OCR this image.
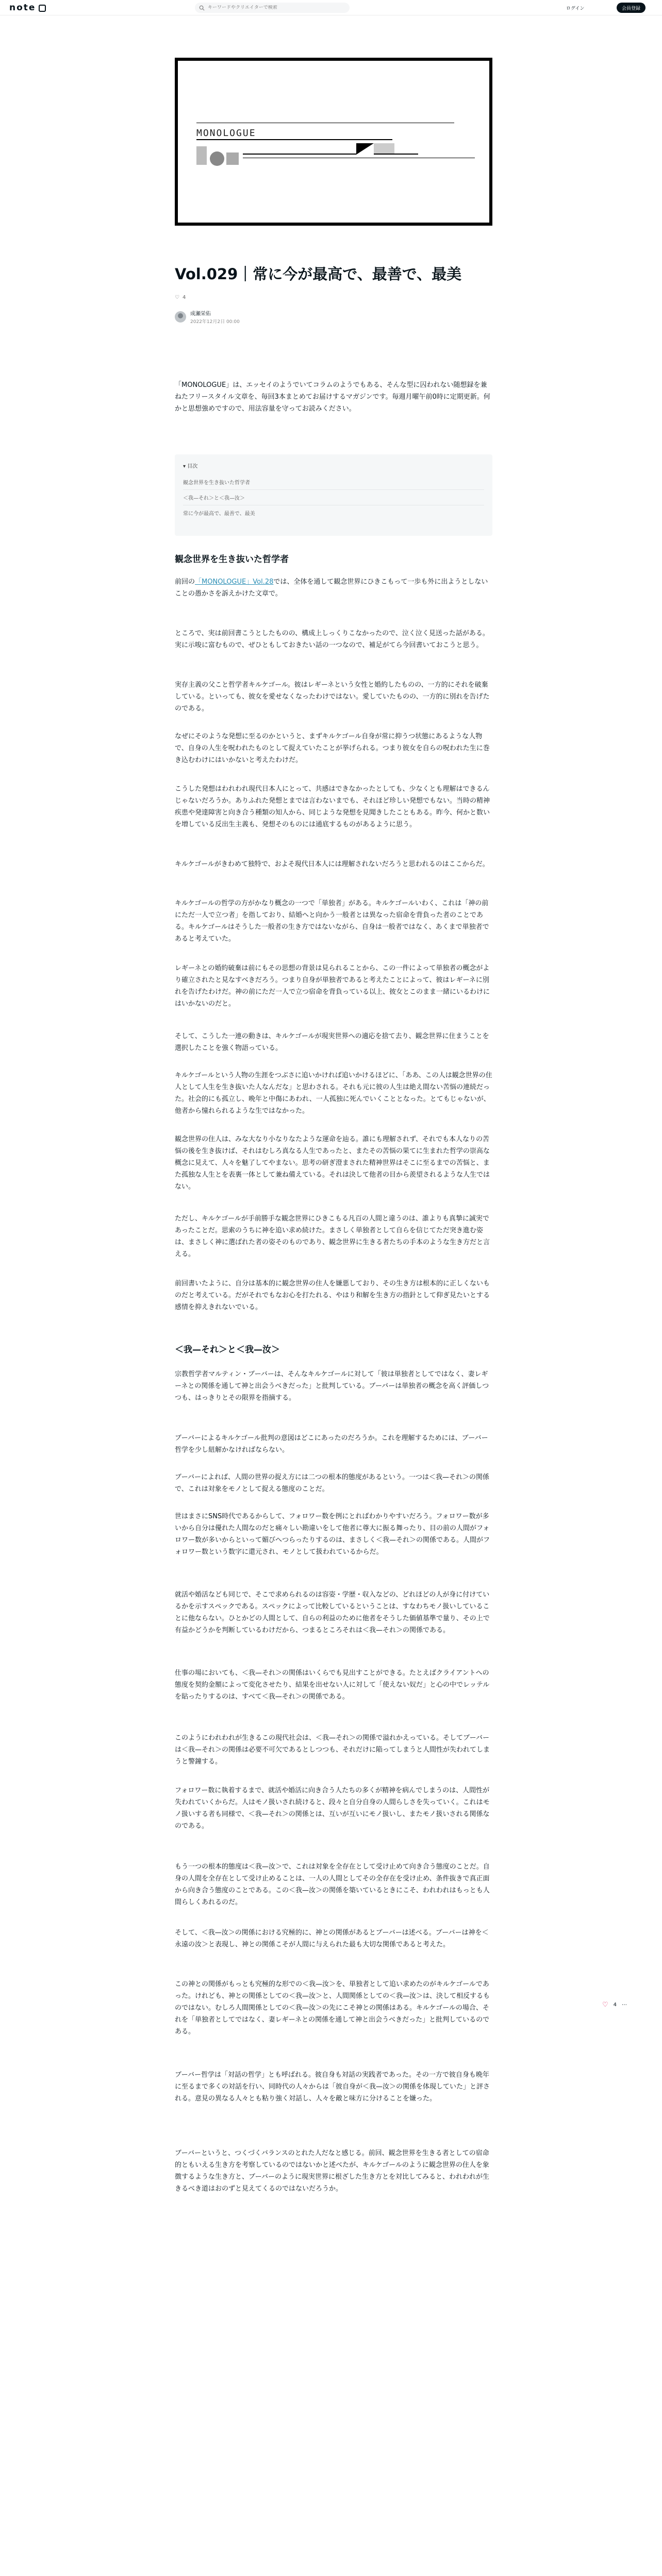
note
キーワードやクリエイターで検索	ログイン	会員登録
MONOLOGUE
Vol.029｜常に今が最高で、最善で、最美
♡ 4
成瀬栄佑
2022年12月2日 00:00

「MONOLOGUE」は、エッセイのようでいてコラムのようでもある、そんな型に囚われない随想録を兼ねたフリースタイル文章を、毎回3本まとめてお届けするマガジンです。毎週月曜午前0時に定期更新。何かと思想強めですので、用法容量を守ってお読みください。

▾ 目次
観念世界を生き抜いた哲学者
＜我—それ＞と＜我—汝＞
常に今が最高で、最善で、最美
観念世界を生き抜いた哲学者

前回の「MONOLOGUE」Vol.28では、全体を通して観念世界にひきこもって一歩も外に出ようとしないことの愚かさを訴えかけた文章で。

ところで、実は前回書こうとしたものの、構成上しっくりこなかったので、泣く泣く見送った話がある。実に示唆に富むもので、ぜひともしておきたい話の一つなので、補足がてら今回書いておこうと思う。

実存主義の父こと哲学者キルケゴール。彼はレギーネという女性と婚約したものの、一方的にそれを破棄している。といっても、彼女を愛せなくなったわけではない。愛していたものの、一方的に別れを告げたのである。

なぜにそのような発想に至るのかというと、まずキルケゴール自身が常に抑うつ状態にあるような人物で、自身の人生を呪われたものとして捉えていたことが挙げられる。つまり彼女を自らの呪われた生に巻き込むわけにはいかないと考えたわけだ。

こうした発想はわれわれ現代日本人にとって、共感はできなかったとしても、少なくとも理解はできるんじゃないだろうか。ありふれた発想とまでは言わないまでも、それほど珍しい発想でもない。当時の精神疾患や発達障害と向き合う種類の知人から、同じような発想を見聞きしたこともある。昨今、何かと数いを増している反出生主義も、発想そのものには通底するものがあるように思う。

キルケゴールがきわめて独特で、およそ現代日本人には理解されないだろうと思われるのはここからだ。

キルケゴールの哲学の方がかなり概念の一つで「単独者」がある。キルケゴールいわく、これは「神の前にただ一人で立つ者」を指しており、結婚へと向かう一般者とは異なった宿命を背負った者のことである。キルケゴールはそうした一般者の生き方ではないながら、自身は一般者ではなく、あくまで単独者であると考えていた。

レギーネとの婚約破棄は前にもその思想の背景は見られることから、この一件によって単独者の概念がより確立されたと見なすべきだろう。つまり自身が単独者であると考えたことによって、彼はレギーネに別れを告げたわけだ。神の前にただ一人で立つ宿命を背負っている以上、彼女とこのまま一緒にいるわけにはいかないのだと。

そして、こうした一連の動きは、キルケゴールが現実世界への適応を捨て去り、観念世界に住まうことを選択したことを強く物語っている。

キルケゴールという人物の生涯をつぶさに追いかければ追いかけるほどに、「ああ、この人は観念世界の住人として人生を生き抜いた人なんだな」と思わされる。それも元に彼の人生は絶え間ない苦悩の連続だった。社会的にも孤立し、晩年と中傷にあわれ、一人孤独に死んでいくこととなった。とてもじゃないが、他者から憧れられるような生ではなかった。

観念世界の住人は、みな大なり小なりなたような運命を辿る。誰にも理解されず、それでも本人なりの苦悩の後を生き抜けば、それはむしろ真なる人生であったと、またその苦悩の果てに生まれた哲学の崇高な概念に見えて、人々を魅了してやまない。思考の研ぎ澄まされた精神世界はそこに至るまでの苦悩と、また孤独な人生とを表裏一体として兼ね備えている。それは決して他者の目から羨望されるような人生ではない。

ただし、キルケゴールが手前勝手な観念世界にひきこもる凡百の人間と違うのは、誰よりも真摯に誠実であったことだ。思索のうちに神を追い求め続けた。まさしく単独者として自らを信じてただ突き進む姿は、まさしく神に選ばれた者の姿そのものであり、観念世界に生きる者たちの手本のような生き方だと言える。

前回書いたように、自分は基本的に観念世界の住人を嫌悪しており、その生き方は根本的に正しくないものだと考えている。だがそれでもなお心を打たれる、やはり和解を生き方の指針として仰ぎ見たいとする感情を抑えきれないでいる。

＜我—それ＞と＜我—汝＞

宗教哲学者マルティン・ブーバーは、そんなキルケゴールに対して「彼は単独者としてではなく、妻レギーネとの関係を通して神と出会うべきだった」と批判している。ブーバーは単独者の概念を高く評価しつつも、はっきりとその限界を指摘する。

ブーバーによるキルケゴール批判の意図はどこにあったのだろうか。これを理解するためには、ブーバー哲学を少し紐解かなければならない。

ブーバーによれば、人間の世界の捉え方には二つの根本的態度があるという。一つは＜我—それ＞の関係で、これは対象をモノとして捉える態度のことだ。

世はまさにSNS時代であるからして、フォロワー数を例にとればわかりやすいだろう。フォロワー数が多いから自分は優れた人間なのだと痛々しい勘違いをして他者に尊大に振る舞ったり、目の前の人間がフォロワー数が多いからといって媚びへつらったりするのは、まさしく＜我—それ＞の関係である。人間がフォロワー数という数字に還元され、モノとして扱われているからだ。

就活や婚活なども同じで、そこで求められるのは容姿・学歴・収入などの、どれほどの人が身に付けているかを示すスペックである。スペックによって比較しているということは、すなわちモノ扱いしていることに他ならない。ひとかどの人間として、自らの利益のために他者をそうした価値基準で量り、その上で有益かどうかを判断しているわけだから、つまるところそれは＜我—それ＞の関係である。

仕事の場においても、＜我—それ＞の関係はいくらでも見出すことができる。たとえばクライアントへの態度を契約金額によって変化させたり、結果を出せない人に対して「使えない奴だ」と心の中でレッテルを貼ったりするのは、すべて＜我—それ＞の関係である。

このようにわれわれが生きるこの現代社会は、＜我—それ＞の関係で溢れかえっている。そしてブーバーは＜我—それ＞の関係は必要不可欠であるとしつつも、それだけに陥ってしまうと人間性が失われてしまうと警鐘する。

フォロワー数に執着するまで、就活や婚活に向き合う人たちの多くが精神を病んでしまうのは、人間性が失われていくからだ。人はモノ扱いされ続けると、段々と自分自身の人間らしさを失っていく。これはモノ扱いする者も同様で、＜我—それ＞の関係とは、互いが互いにモノ扱いし、またモノ扱いされる関係なのである。

もう一つの根本的態度は＜我—汝＞で、これは対象を全存在として受け止めて向き合う態度のことだ。自身の人間を全存在として受け止めることは、一人の人間としてその全存在を受け止め、条件抜きで真正面から向き合う態度のことである。この＜我—汝＞の関係を築いているときにこそ、われわれはもっとも人間らしくあれるのだ。

そして、＜我—汝＞の関係における究極的に、神との関係があるとブーバーは述べる。ブーバーは神を＜永遠の汝＞と表現し、神との関係こそが人間に与えられた最も大切な関係であると考えた。

この神との関係がもっとも究極的な形での＜我—汝＞を、単独者として追い求めたのがキルケゴールであった。けれども、神との関係としての＜我—汝＞と、人間関係としての＜我—汝＞は、決して相反するものではない。むしろ人間関係としての＜我—汝＞の先にこそ神との関係はある。キルケゴールの場合、それを「単独者としてではなく、妻レギーネとの関係を通して神と出会うべきだった」と批判しているのである。

ブーバー哲学は「対話の哲学」とも呼ばれる。彼自身も対話の実践者であった。その一方で彼自身も晩年に至るまで多くの対話を行い、同時代の人々からは「彼自身が＜我—汝＞の関係を体現していた」と評される。意見の異なる人々とも粘り強く対話し、人々を敵と味方に分けることを嫌った。

ブーバーというと、つくづくバランスのとれた人だなと感じる。前回、観念世界を生きる者としての宿命的ともいえる生き方を考察しているのではないかと述べたが、キルケゴールのように観念世界の住人を象徴するような生き方と、ブーバーのように現実世界に根ざした生き方とを対比してみると、われわれが生きるべき道はおのずと見えてくるのではないだろうか。

♡ 4 ⋯
